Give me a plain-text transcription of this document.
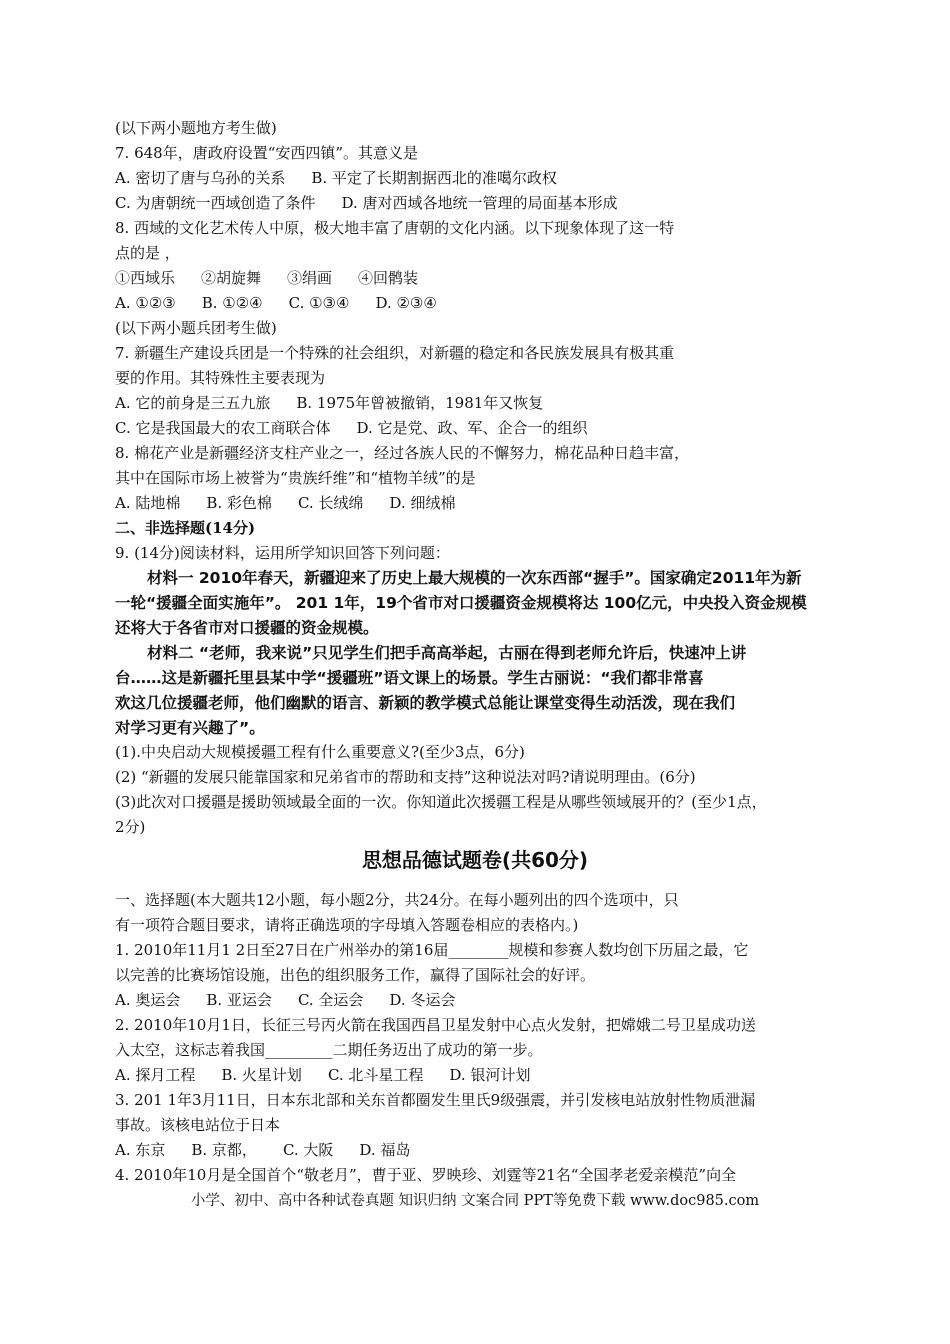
(以下两小题地方考生做)
7. 648年，唐政府设置“安西四镇”。其意义是
A. 密切了唐与乌孙的关系 B. 平定了长期割据西北的准噶尔政权
C. 为唐朝统一西域创造了条件 D. 唐对西域各地统一管理的局面基本形成
8. 西域的文化艺术传人中原，极大地丰富了唐朝的文化内涵。以下现象体现了这一特
点的是 ，
①西域乐 ②胡旋舞 ③绢画 ④回鹘装
A. ①②③ B. ①②④ C. ①③④ D. ②③④
(以下两小题兵团考生做)
7. 新疆生产建设兵团是一个特殊的社会组织，对新疆的稳定和各民族发展具有极其重
要的作用。其特殊性主要表现为
A. 它的前身是三五九旅 B. 1975年曾被撤销，1981年又恢复
C. 它是我国最大的农工商联合体 D. 它是党、政、军、企合一的组织
8. 棉花产业是新疆经济支柱产业之一，经过各族人民的不懈努力，棉花品种日趋丰富，
其中在国际市场上被誉为“贵族纤维”和“植物羊绒”的是
A. 陆地棉 B. 彩色棉 C. 长绒绵 D. 细绒棉
二、非选择题(14分)
9. (14分)阅读材料，运用所学知识回答下列问题：
材料一 2010年春天，新疆迎来了历史上最大规模的一次东西部“握手”。国家确定2011年为新
一轮“援疆全面实施年”。 201 1年，19个省市对口援疆资金规模将达 100亿元，中央投入资金规模
还将大于各省市对口援疆的资金规模。
材料二 “老师，我来说”只见学生们把手高高举起，古丽在得到老师允许后，快速冲上讲
台……这是新疆托里县某中学“援疆班”语文课上的场景。学生古丽说：“我们都非常喜
欢这几位援疆老师，他们幽默的语言、新颖的教学模式总能让课堂变得生动活泼，现在我们
对学习更有兴趣了”。
(1).中央启动大规模援疆工程有什么重要意义?(至少3点，6分)
(2) “新疆的发展只能靠国家和兄弟省市的帮助和支持”这种说法对吗?请说明理由。(6分)
(3)此次对口援疆是援助领域最全面的一次。你知道此次援疆工程是从哪些领域展开的？(至少1点，
2分)
思想品德试题卷(共60分)
一、选择题(本大题共12小题，每小题2分，共24分。在每小题列出的四个选项中，只
有一项符合题目要求，请将正确选项的字母填入答题卷相应的表格内。)
1. 2010年11月1 2日至27日在广州举办的第16届________规模和参赛人数均创下历届之最，它
以完善的比赛场馆设施，出色的组织服务工作，赢得了国际社会的好评。
A. 奥运会 B. 亚运会 C. 全运会 D. 冬运会
2. 2010年10月1日，长征三号丙火箭在我国西昌卫星发射中心点火发射，把嫦娥二号卫星成功送
入太空，这标志着我国_________二期任务迈出了成功的第一步。
A. 探月工程 B. 火星计划 C. 北斗星工程 D. 银河计划
3. 201 1年3月11日，日本东北部和关东首都圈发生里氏9级强震，并引发核电站放射性物质泄漏
事故。该核电站位于日本
A. 东京 B. 京都， C. 大阪 D. 福岛
4. 2010年10月是全国首个“敬老月”，曹于亚、罗映珍、刘霆等21名“全国孝老爱亲模范”向全
小学、初中、高中各种试卷真题 知识归纳 文案合同 PPT等免费下载 www.doc985.com
